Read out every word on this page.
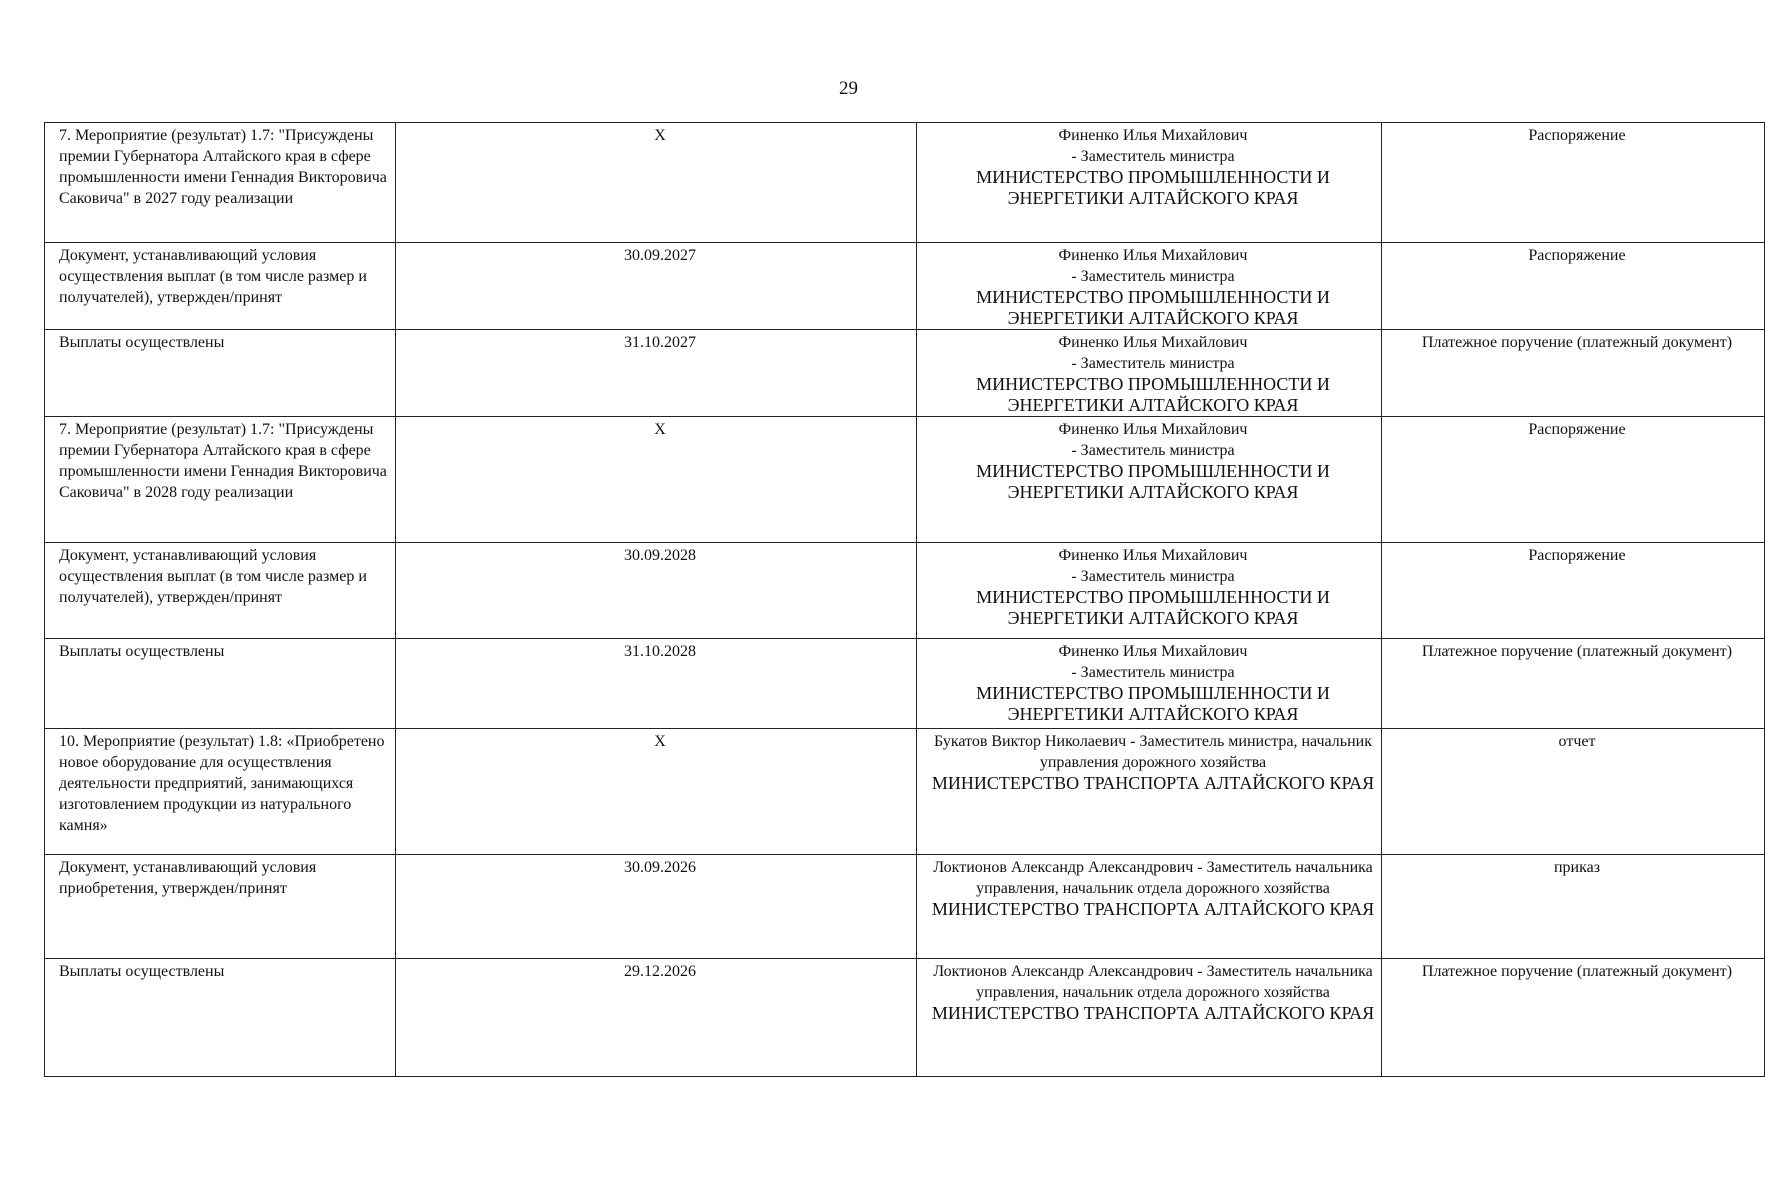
29
7. Мероприятие (результат) 1.7: "Присуждены премии Губернатора Алтайского края в сфере промышленности имени Геннадия Викторовича Саковича" в 2027 году реализации	X	Финенко Илья Михайлович
- Заместитель министра
МИНИСТЕРСТВО ПРОМЫШЛЕННОСТИ И ЭНЕРГЕТИКИ АЛТАЙСКОГО КРАЯ	Распоряжение
Документ, устанавливающий условия осуществления выплат (в том числе размер и получателей), утвержден/принят	30.09.2027	Финенко Илья Михайлович
- Заместитель министра
МИНИСТЕРСТВО ПРОМЫШЛЕННОСТИ И ЭНЕРГЕТИКИ АЛТАЙСКОГО КРАЯ	Распоряжение
Выплаты осуществлены	31.10.2027	Финенко Илья Михайлович
- Заместитель министра
МИНИСТЕРСТВО ПРОМЫШЛЕННОСТИ И ЭНЕРГЕТИКИ АЛТАЙСКОГО КРАЯ	Платежное поручение (платежный документ)
7. Мероприятие (результат) 1.7: "Присуждены премии Губернатора Алтайского края в сфере промышленности имени Геннадия Викторовича Саковича" в 2028 году реализации	X	Финенко Илья Михайлович
- Заместитель министра
МИНИСТЕРСТВО ПРОМЫШЛЕННОСТИ И ЭНЕРГЕТИКИ АЛТАЙСКОГО КРАЯ	Распоряжение
Документ, устанавливающий условия осуществления выплат (в том числе размер и получателей), утвержден/принят	30.09.2028	Финенко Илья Михайлович
- Заместитель министра
МИНИСТЕРСТВО ПРОМЫШЛЕННОСТИ И ЭНЕРГЕТИКИ АЛТАЙСКОГО КРАЯ	Распоряжение
Выплаты осуществлены	31.10.2028	Финенко Илья Михайлович
- Заместитель министра
МИНИСТЕРСТВО ПРОМЫШЛЕННОСТИ И ЭНЕРГЕТИКИ АЛТАЙСКОГО КРАЯ	Платежное поручение (платежный документ)
10. Мероприятие (результат) 1.8: «Приобретено новое оборудование для осуществления деятельности предприятий, занимающихся изготовлением продукции из натурального камня»	X	Букатов Виктор Николаевич - Заместитель министра, начальник управления дорожного хозяйства
МИНИСТЕРСТВО ТРАНСПОРТА АЛТАЙСКОГО КРАЯ	отчет
Документ, устанавливающий условия приобретения, утвержден/принят	30.09.2026	Локтионов Александр Александрович - Заместитель начальника управления, начальник отдела дорожного хозяйства
МИНИСТЕРСТВО ТРАНСПОРТА АЛТАЙСКОГО КРАЯ	приказ
Выплаты осуществлены	29.12.2026	Локтионов Александр Александрович - Заместитель начальника управления, начальник отдела дорожного хозяйства
МИНИСТЕРСТВО ТРАНСПОРТА АЛТАЙСКОГО КРАЯ	Платежное поручение (платежный документ)
